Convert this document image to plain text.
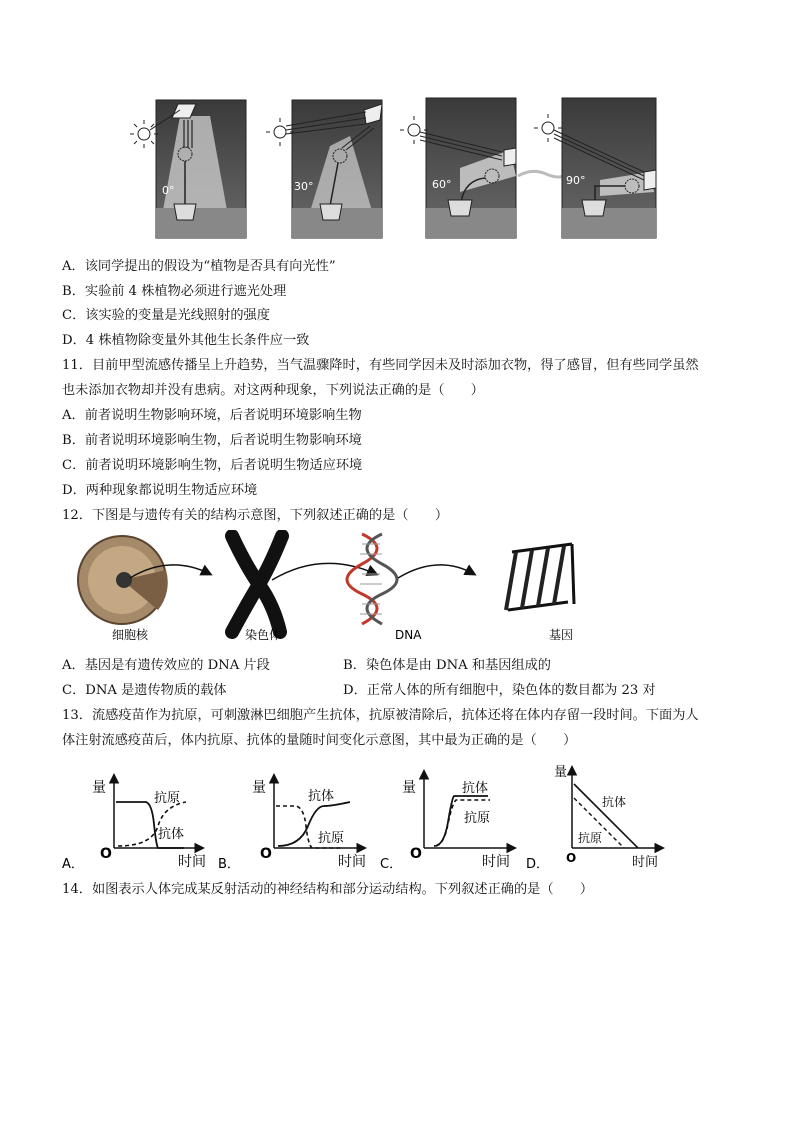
0°	30°	60°	90°
A．该同学提出的假设为“植物是否具有向光性”
B．实验前 4 株植物必须进行遮光处理
C．该实验的变量是光线照射的强度
D．4 株植物除变量外其他生长条件应一致
11．目前甲型流感传播呈上升趋势，当气温骤降时，有些同学因未及时添加衣物，得了感冒，但有些同学虽然
也未添加衣物却并没有患病。对这两种现象，下列说法正确的是（　　）
A．前者说明生物影响环境，后者说明环境影响生物
B．前者说明环境影响生物，后者说明生物影响环境
C．前者说明环境影响生物，后者说明生物适应环境
D．两种现象都说明生物适应环境
12．下图是与遗传有关的结构示意图，下列叙述正确的是（　　）
细胞核	染色体	DNA	基因
A．基因是有遗传效应的 DNA 片段	B．染色体是由 DNA 和基因组成的
C．DNA 是遗传物质的载体	D．正常人体的所有细胞中，染色体的数目都为 23 对
13．流感疫苗作为抗原，可刺激淋巴细胞产生抗体，抗原被清除后，抗体还将在体内存留一段时间。下面为人
体注射流感疫苗后，体内抗原、抗体的量随时间变化示意图，其中最为正确的是（　　）
量
O	时间
抗原
抗体
A．
量
O	时间
抗体
抗原
B．
量
O	时间
抗体
抗原
C．
量
O	时间
抗体
抗原
D．
14．如图表示人体完成某反射活动的神经结构和部分运动结构。下列叙述正确的是（　　）
